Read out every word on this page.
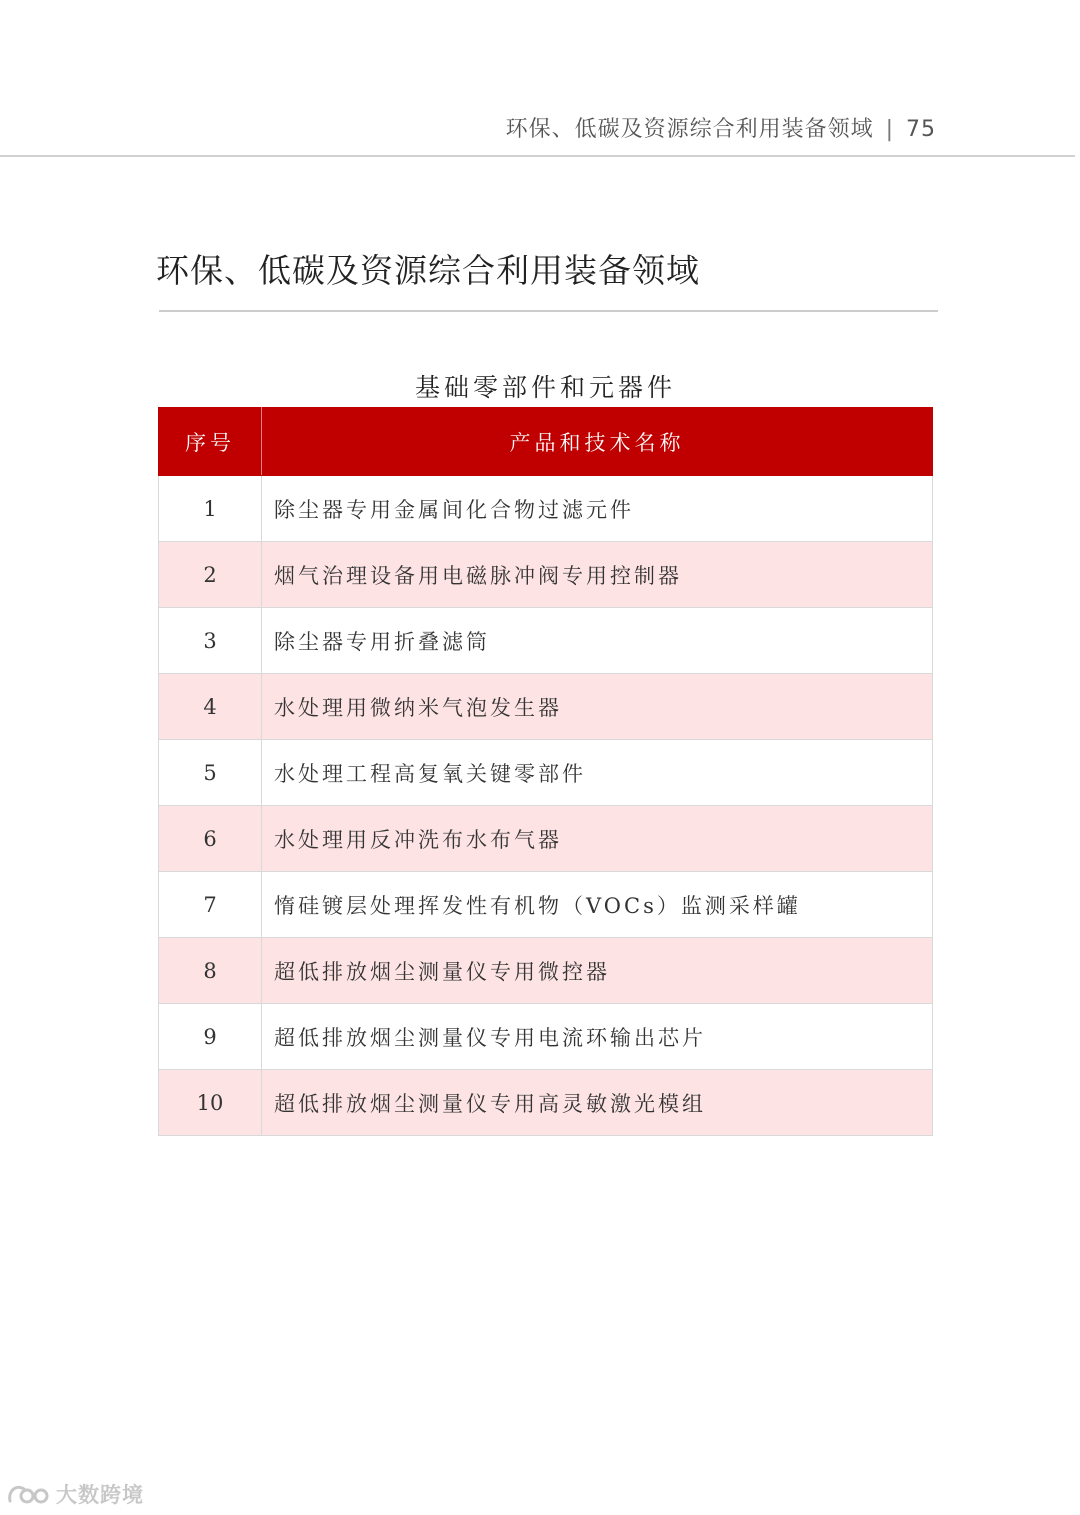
环保、低碳及资源综合利用装备领域 | 75
环保、低碳及资源综合利用装备领域
基础零部件和元器件
序号	产品和技术名称
1	除尘器专用金属间化合物过滤元件
2	烟气治理设备用电磁脉冲阀专用控制器
3	除尘器专用折叠滤筒
4	水处理用微纳米气泡发生器
5	水处理工程高复氧关键零部件
6	水处理用反冲洗布水布气器
7	惰硅镀层处理挥发性有机物（VOCs）监测采样罐
8	超低排放烟尘测量仪专用微控器
9	超低排放烟尘测量仪专用电流环输出芯片
10	超低排放烟尘测量仪专用高灵敏激光模组
大数跨境
